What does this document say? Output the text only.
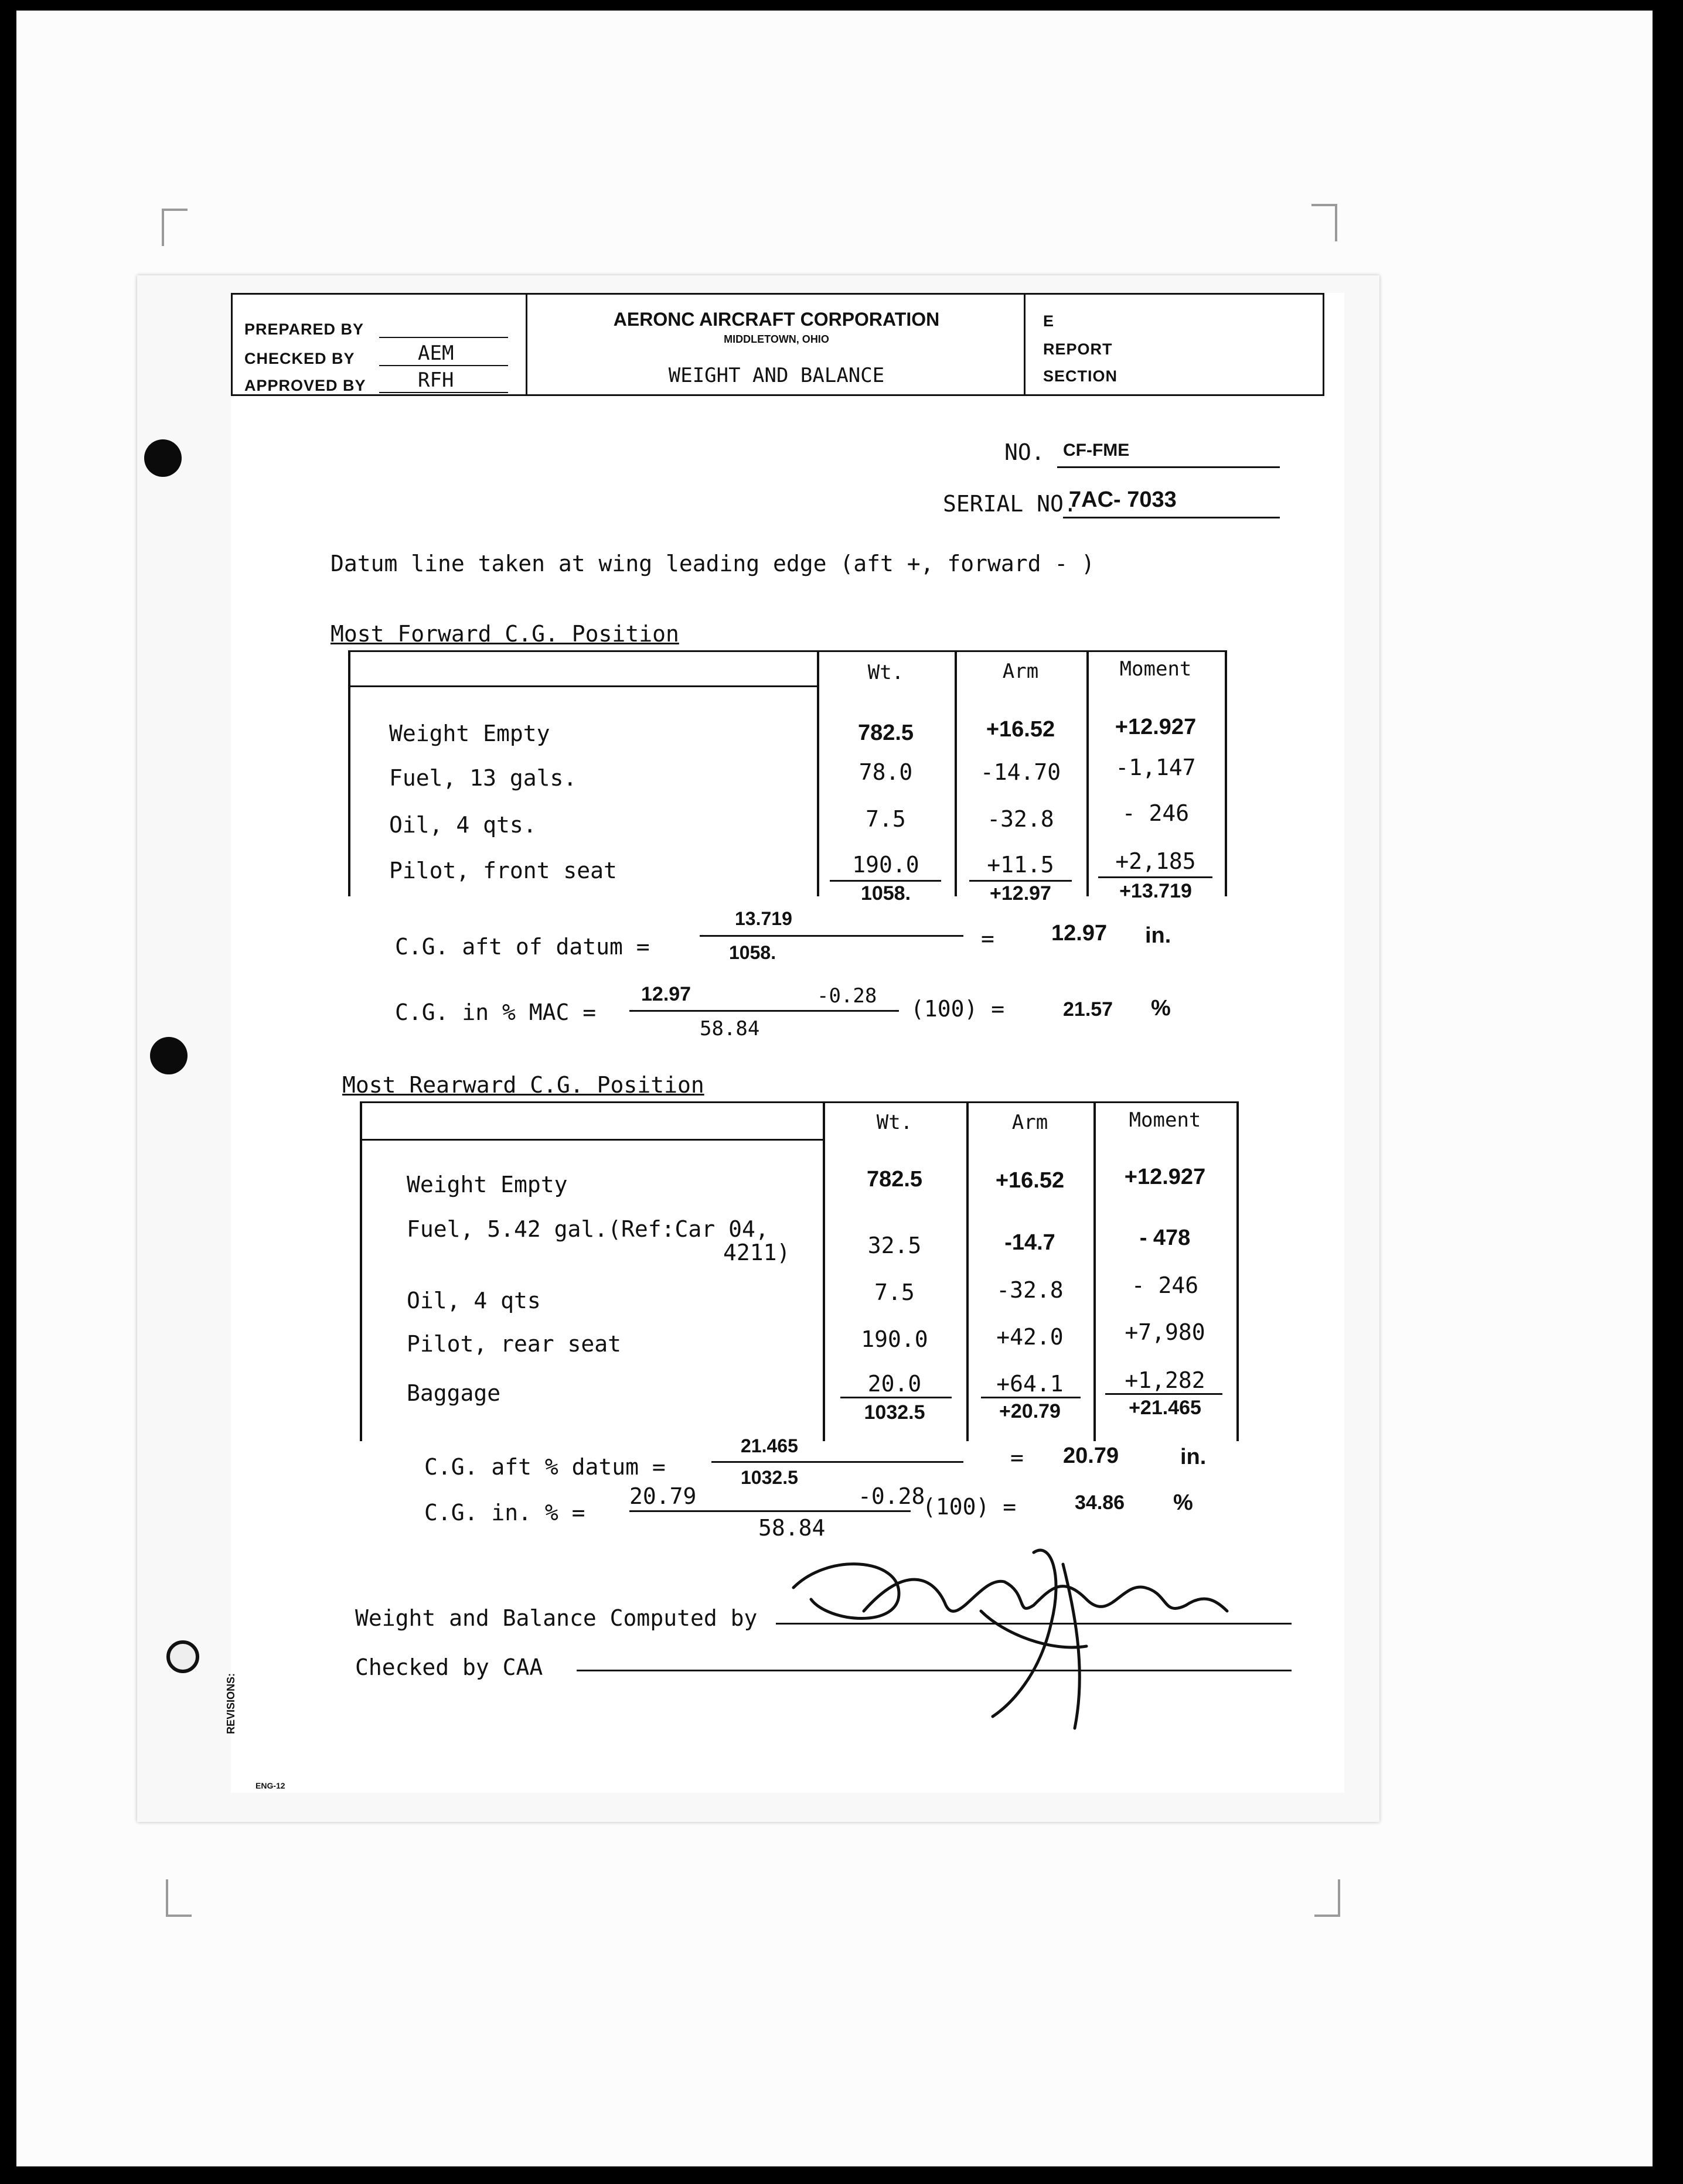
PREPARED BY
CHECKED BY	AEM
APPROVED BY	RFH
AERONC AIRCRAFT CORPORATION
MIDDLETOWN, OHIO
WEIGHT AND BALANCE
E
REPORT
SECTION
NO. CF-FME
SERIAL NO.
7AC- 7033
Datum line taken at wing leading edge (aft +, forward - )
Most Forward C.G. Position
Wt.	Arm	Moment
Weight Empty	782.5	+16.52	+12.927
Fuel, 13 gals.	78.0	-14.70	-1,147
Oil, 4 qts.	7.5	-32.8	- 246
Pilot, front seat	190.0	+11.5	+2,185
1058.	+12.97	+13.719
C.G. aft of datum =
13.719
1058.
=	12.97 in.
C.G. in % MAC =
12.97	-0.28
58.84
(100) =	21.57 %
Most Rearward C.G. Position
Wt.	Arm	Moment
Weight Empty	782.5	+16.52	+12.927
Fuel, 5.42 gal.(Ref:Car 04,
4211)	32.5	-14.7	- 478
Oil, 4 qts	7.5	-32.8	- 246
Pilot, rear seat	190.0	+42.0	+7,980
Baggage	20.0	+64.1	+1,282
1032.5	+20.79	+21.465
C.G. aft % datum =
21.465
1032.5
= 20.79	in.
C.G. in. % =
20.79	-0.28
58.84
(100) =	34.86 %
Weight and Balance Computed by
Checked by CAA
REVISIONS:
ENG-12
